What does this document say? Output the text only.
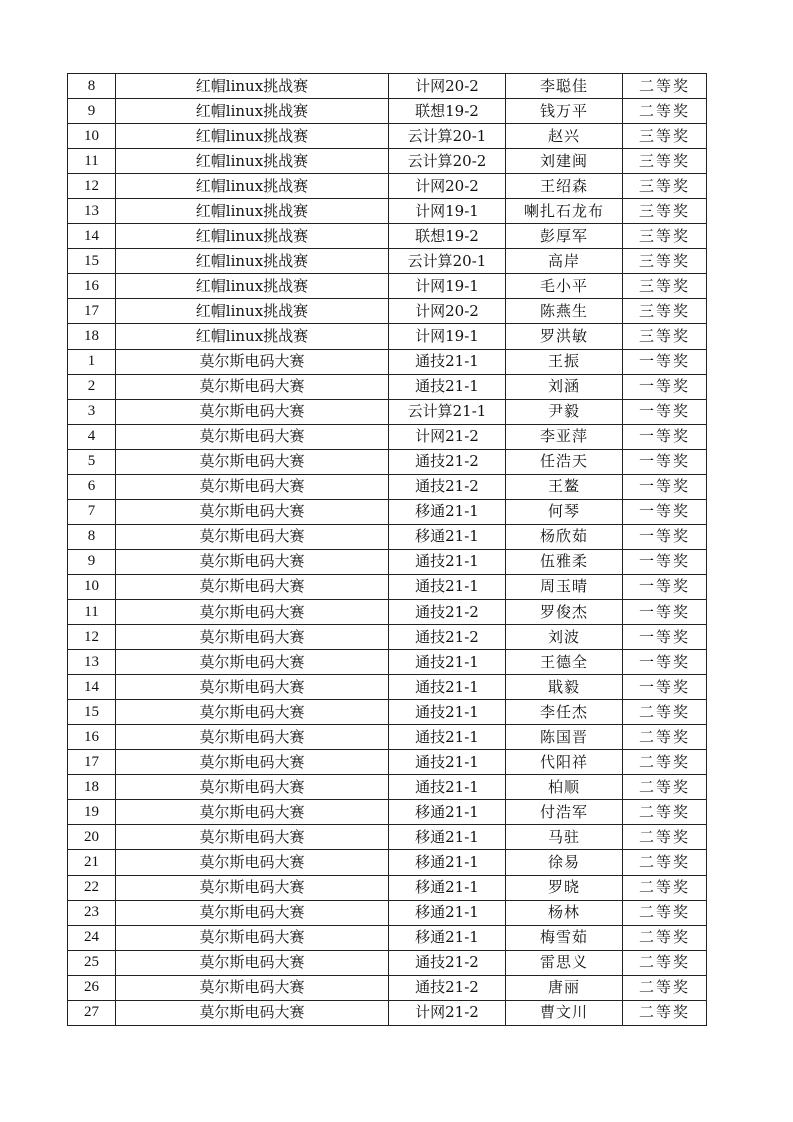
8	红帽linux挑战赛	计网20-2	李聪佳	二等奖
9	红帽linux挑战赛	联想19-2	钱万平	二等奖
10	红帽linux挑战赛	云计算20-1	赵兴	三等奖
11	红帽linux挑战赛	云计算20-2	刘建闽	三等奖
12	红帽linux挑战赛	计网20-2	王绍森	三等奖
13	红帽linux挑战赛	计网19-1	喇扎石龙布	三等奖
14	红帽linux挑战赛	联想19-2	彭厚军	三等奖
15	红帽linux挑战赛	云计算20-1	高岸	三等奖
16	红帽linux挑战赛	计网19-1	毛小平	三等奖
17	红帽linux挑战赛	计网20-2	陈燕生	三等奖
18	红帽linux挑战赛	计网19-1	罗洪敏	三等奖
1	莫尔斯电码大赛	通技21-1	王振	一等奖
2	莫尔斯电码大赛	通技21-1	刘涵	一等奖
3	莫尔斯电码大赛	云计算21-1	尹毅	一等奖
4	莫尔斯电码大赛	计网21-2	李亚萍	一等奖
5	莫尔斯电码大赛	通技21-2	任浩天	一等奖
6	莫尔斯电码大赛	通技21-2	王鳌	一等奖
7	莫尔斯电码大赛	移通21-1	何琴	一等奖
8	莫尔斯电码大赛	移通21-1	杨欣茹	一等奖
9	莫尔斯电码大赛	通技21-1	伍雅柔	一等奖
10	莫尔斯电码大赛	通技21-1	周玉晴	一等奖
11	莫尔斯电码大赛	通技21-2	罗俊杰	一等奖
12	莫尔斯电码大赛	通技21-2	刘波	一等奖
13	莫尔斯电码大赛	通技21-1	王德全	一等奖
14	莫尔斯电码大赛	通技21-1	戢毅	一等奖
15	莫尔斯电码大赛	通技21-1	李任杰	二等奖
16	莫尔斯电码大赛	通技21-1	陈国晋	二等奖
17	莫尔斯电码大赛	通技21-1	代阳祥	二等奖
18	莫尔斯电码大赛	通技21-1	柏顺	二等奖
19	莫尔斯电码大赛	移通21-1	付浩军	二等奖
20	莫尔斯电码大赛	移通21-1	马驻	二等奖
21	莫尔斯电码大赛	移通21-1	徐易	二等奖
22	莫尔斯电码大赛	移通21-1	罗晓	二等奖
23	莫尔斯电码大赛	移通21-1	杨林	二等奖
24	莫尔斯电码大赛	移通21-1	梅雪茹	二等奖
25	莫尔斯电码大赛	通技21-2	雷思义	二等奖
26	莫尔斯电码大赛	通技21-2	唐丽	二等奖
27	莫尔斯电码大赛	计网21-2	曹文川	二等奖
